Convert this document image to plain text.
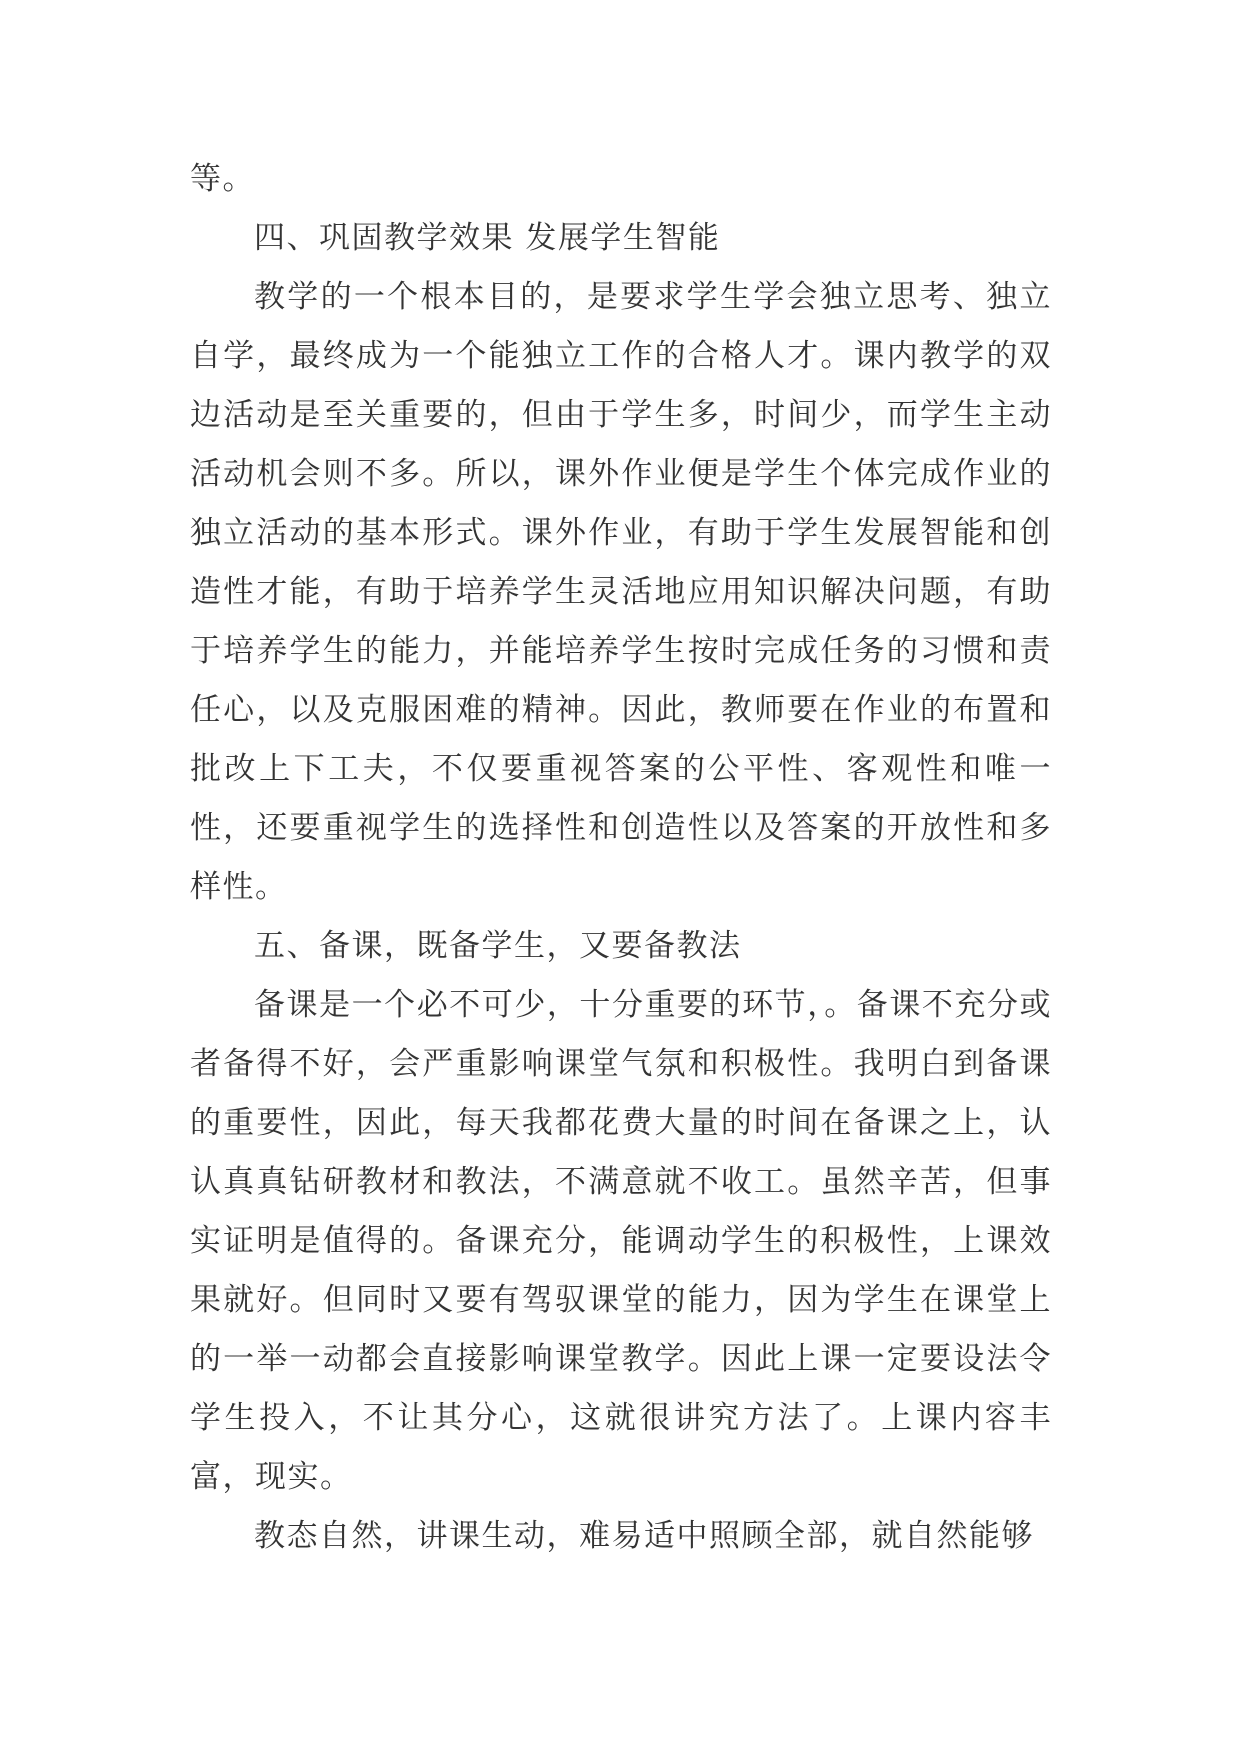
等。

四、巩固教学效果 发展学生智能

教学的一个根本目的，是要求学生学会独立思考、独立自学，最终成为一个能独立工作的合格人才。课内教学的双边活动是至关重要的，但由于学生多，时间少，而学生主动活动机会则不多。所以，课外作业便是学生个体完成作业的独立活动的基本形式。课外作业，有助于学生发展智能和创造性才能，有助于培养学生灵活地应用知识解决问题，有助于培养学生的能力，并能培养学生按时完成任务的习惯和责任心，以及克服困难的精神。因此，教师要在作业的布置和批改上下工夫，不仅要重视答案的公平性、客观性和唯一性，还要重视学生的选择性和创造性以及答案的开放性和多样性。

五、备课，既备学生，又要备教法

备课是一个必不可少，十分重要的环节，。备课不充分或者备得不好，会严重影响课堂气氛和积极性。我明白到备课的重要性，因此，每天我都花费大量的时间在备课之上，认认真真钻研教材和教法，不满意就不收工。虽然辛苦，但事实证明是值得的。备课充分，能调动学生的积极性，上课效果就好。但同时又要有驾驭课堂的能力，因为学生在课堂上的一举一动都会直接影响课堂教学。因此上课一定要设法令学生投入，不让其分心，这就很讲究方法了。上课内容丰富，现实。

教态自然，讲课生动，难易适中照顾全部，就自然能够
